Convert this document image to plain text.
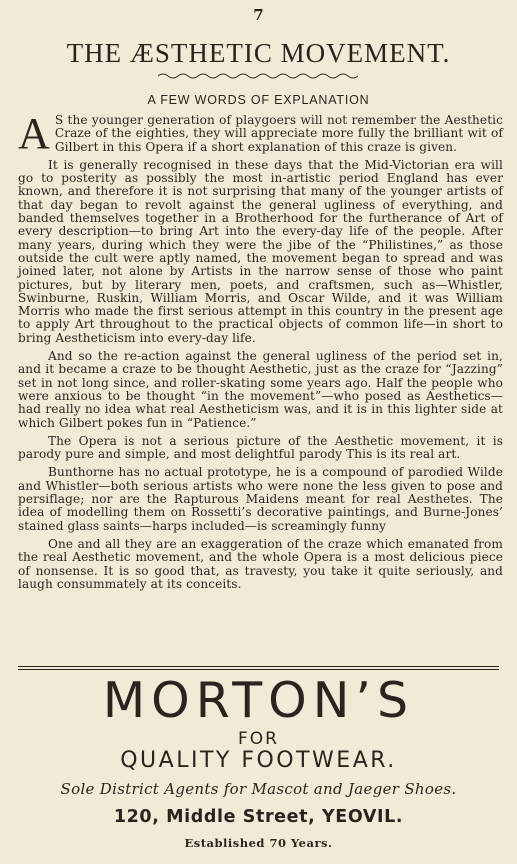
7
THE ÆSTHETIC MOVEMENT.
A FEW WORDS OF EXPLANATION

A S the younger generation of playgoers will not remember the Aesthetic Craze of the eighties, they will appreciate more fully the brilliant wit of Gilbert in this Opera if a short explanation of this craze is given.

It is generally recognised in these days that the Mid-Victorian era will go to posterity as possibly the most in-artistic period England has ever known, and therefore it is not surprising that many of the younger artists of that day began to revolt against the general ugliness of everything, and banded themselves together in a Brotherhood for the furtherance of Art of every description—to bring Art into the every-day life of the people. After many years, during which they were the jibe of the “Philistines,” as those outside the cult were aptly named, the movement began to spread and was joined later, not alone by Artists in the narrow sense of those who paint pictures, but by literary men, poets, and craftsmen, such as—Whistler, Swinburne, Ruskin, William Morris, and Oscar Wilde, and it was William Morris who made the first serious attempt in this country in the present age to apply Art throughout to the practical objects of common life—in short to bring Aestheticism into every-day life.

And so the re-action against the general ugliness of the period set in, and it became a craze to be thought Aesthetic, just as the craze for “Jazzing” set in not long since, and roller-skating some years ago. Half the people who were anxious to be thought “in the movement”—who posed as Aesthetics—had really no idea what real Aestheticism was, and it is in this lighter side at which Gilbert pokes fun in “Patience.”

The Opera is not a serious picture of the Aesthetic movement, it is parody pure and simple, and most delightful parody This is its real art.

Bunthorne has no actual prototype, he is a compound of parodied Wilde and Whistler—both serious artists who were none the less given to pose and persiflage; nor are the Rapturous Maidens meant for real Aesthetes. The idea of modelling them on Rossetti’s decorative paintings, and Burne-Jones’ stained glass saints—harps included—is screamingly funny

One and all they are an exaggeration of the craze which emanated from the real Aesthetic movement, and the whole Opera is a most delicious piece of nonsense. It is so good that, as travesty, you take it quite seriously, and laugh consummately at its conceits.

MORTON’S
FOR
QUALITY FOOTWEAR.
Sole District Agents for Mascot and Jaeger Shoes.
120, Middle Street, YEOVIL.
Established 70 Years.
